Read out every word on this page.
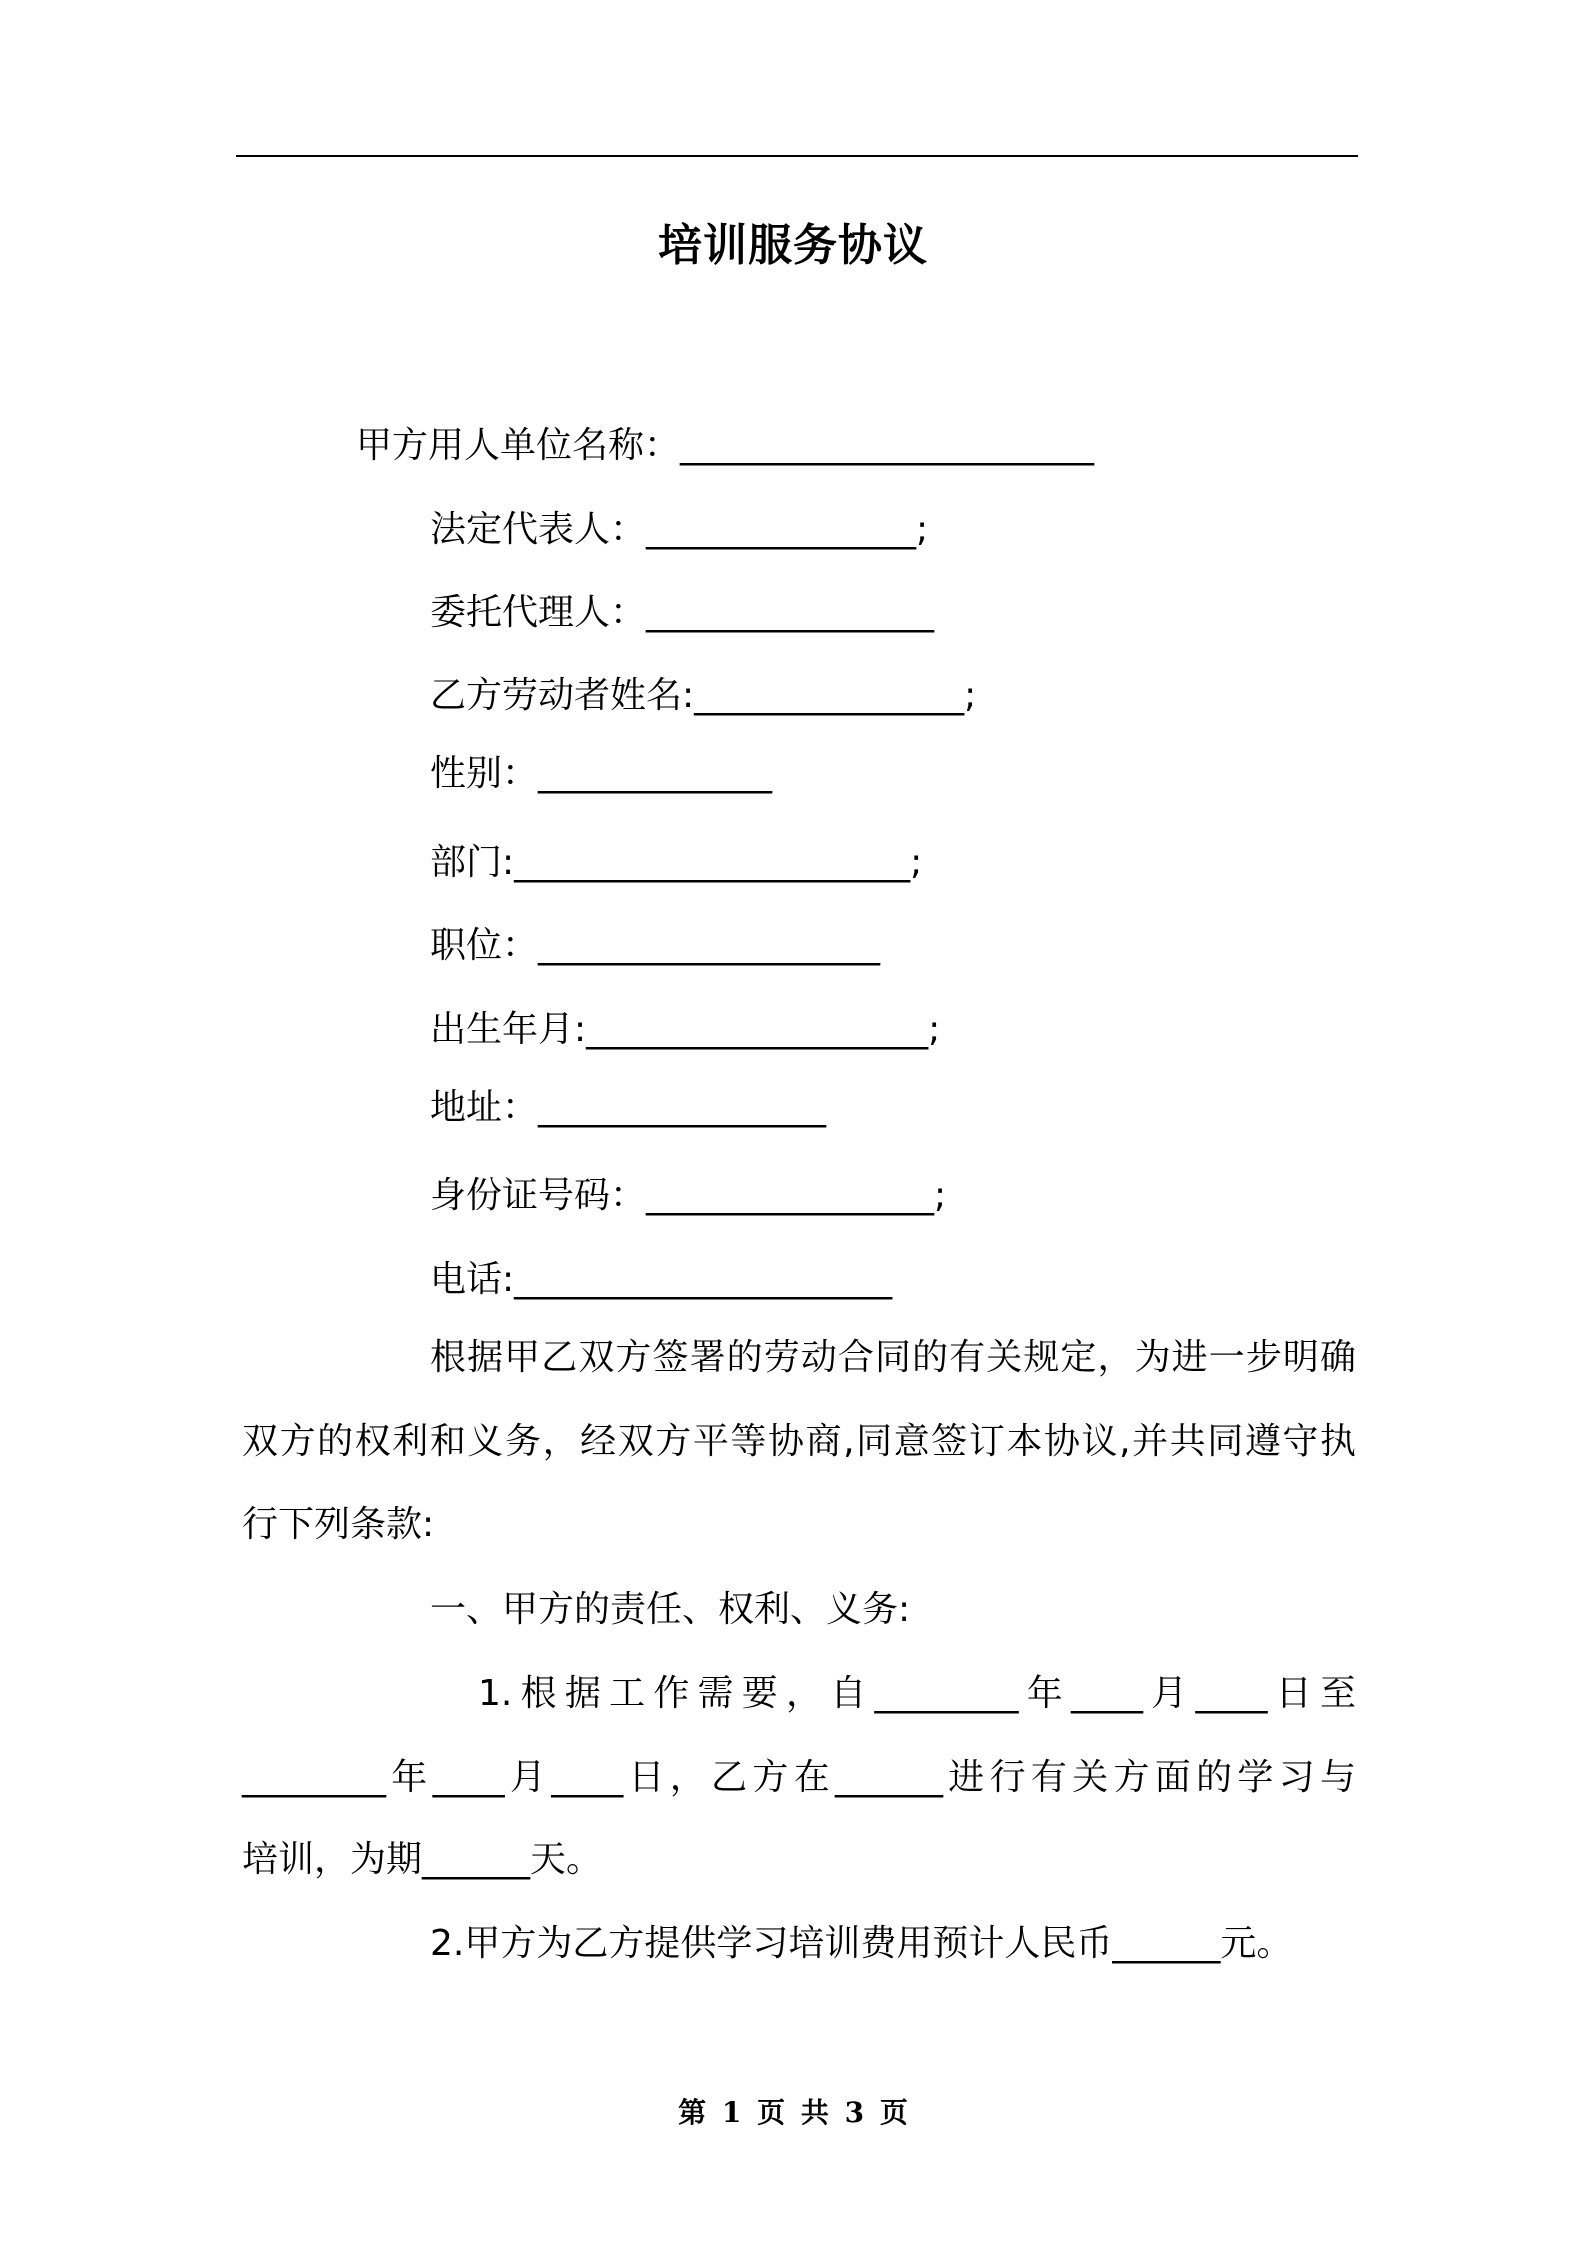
培训服务协议
甲方用人单位名称：_______________________
法定代表人：_______________;
委托代理人：________________
乙方劳动者姓名:_______________;
性别：_____________
部门:______________________;
职位：___________________
出生年月:___________________;
地址：________________
身份证号码：________________;
电话:_____________________
根据甲乙双方签署的劳动合同的有关规定，为进一步明确
双方的权利和义务，经双方平等协商,同意签订本协议,并共同遵守执
行下列条款:
一、甲方的责任、权利、义务:
1.根据工作需要，自________年____月____日至
________年____月____日，乙方在______进行有关方面的学习与
培训，为期______天。
2.甲方为乙方提供学习培训费用预计人民币______元。
第 1 页 共 3 页
